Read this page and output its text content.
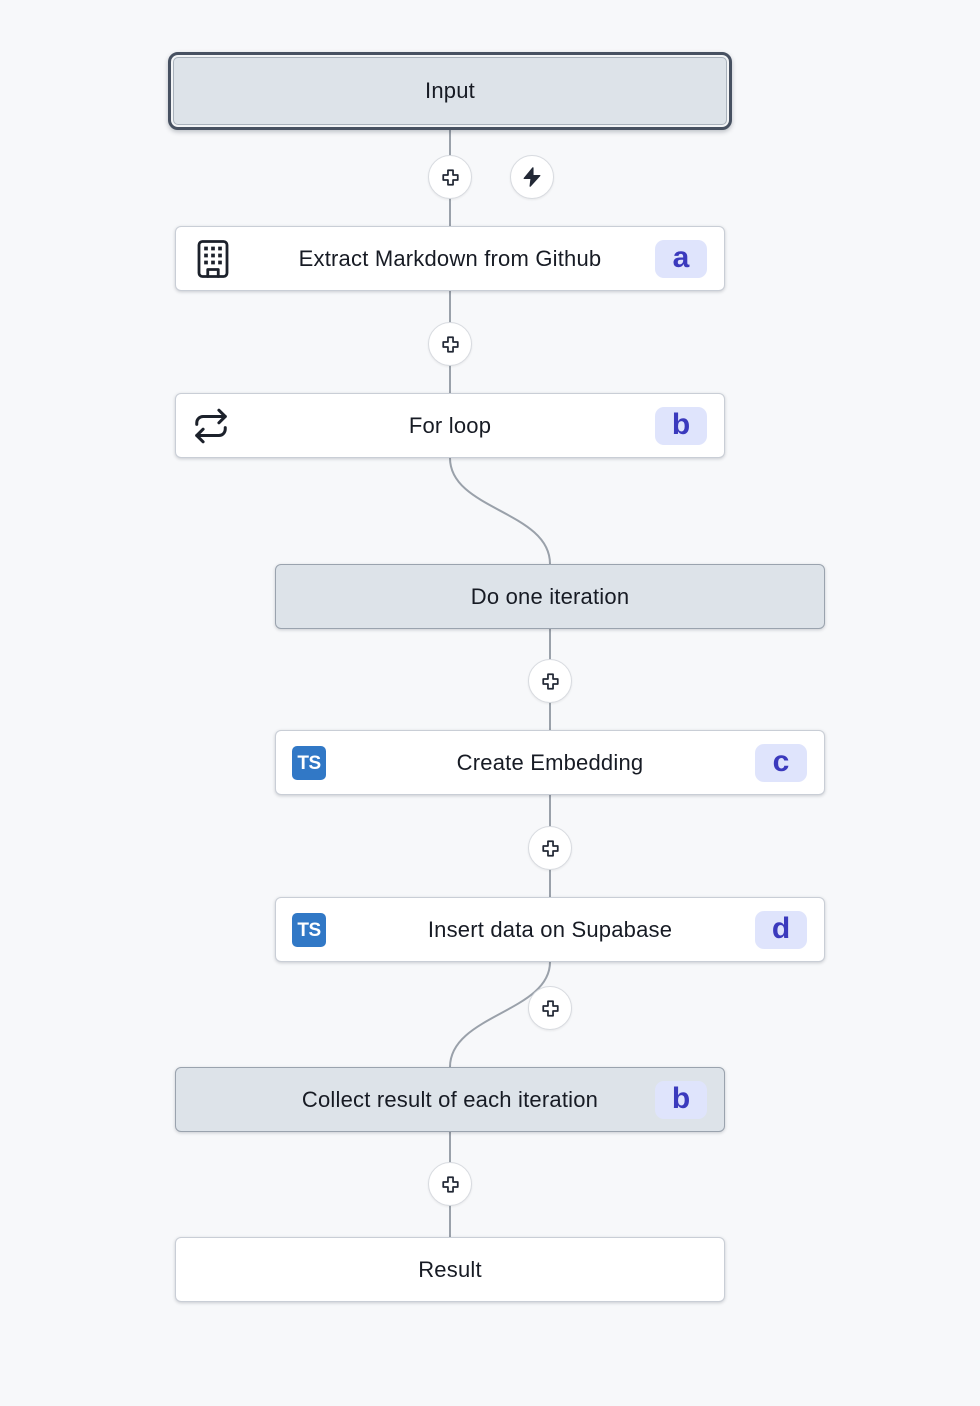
Input
Extract Markdown from Github	a
For loop	b
Do one iteration
TS	Create Embedding	c
TS	Insert data on Supabase	d
Collect result of each iteration	b
Result
